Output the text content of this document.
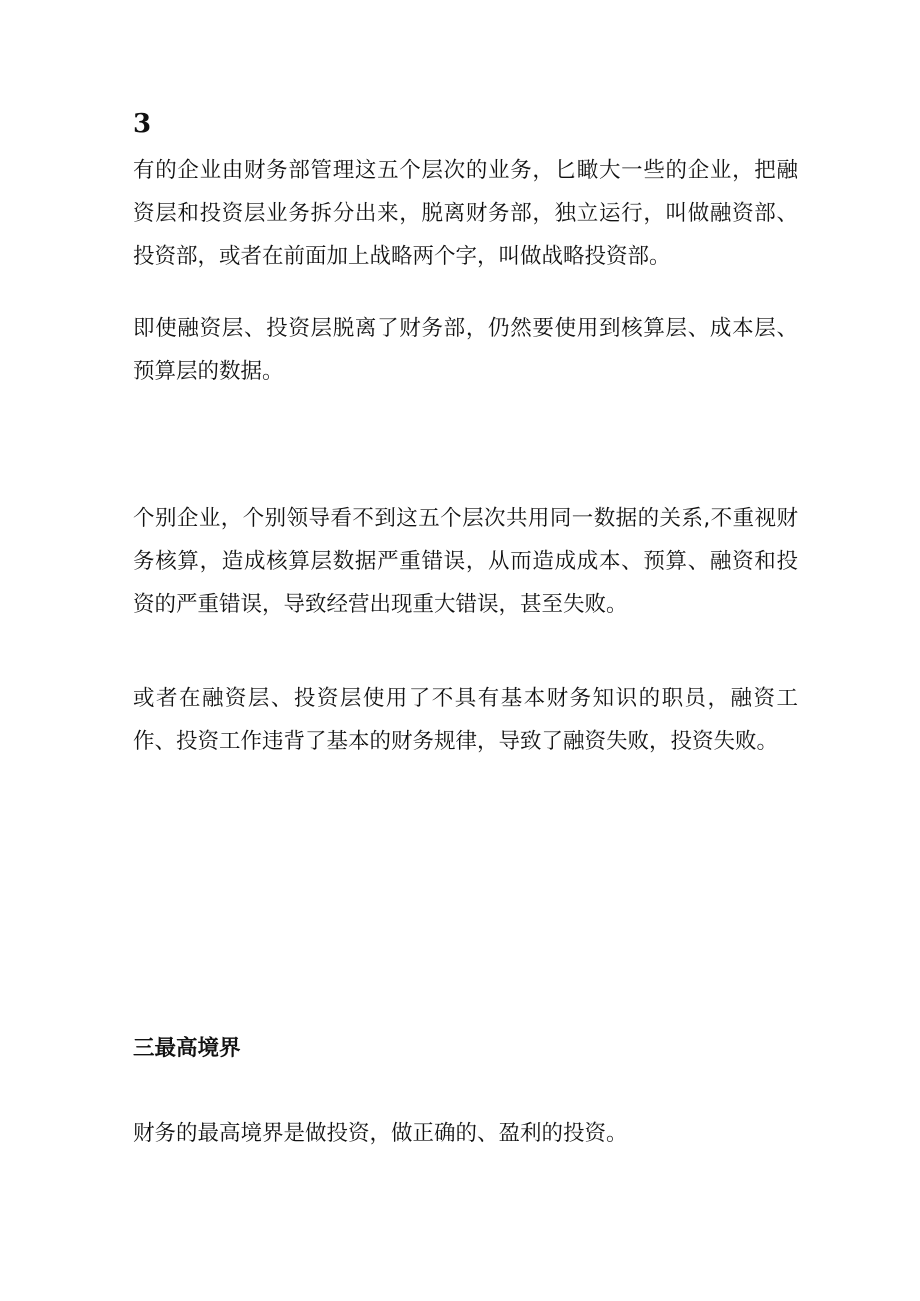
3

有的企业由财务部管理这五个层次的业务，匕瞰大一些的企业，把融资层和投资层业务拆分出来，脱离财务部，独立运行，叫做融资部、投资部，或者在前面加上战略两个字，叫做战略投资部。

即使融资层、投资层脱离了财务部，仍然要使用到核算层、成本层、预算层的数据。

个别企业，个别领导看不到这五个层次共用同一数据的关系,不重视财务核算，造成核算层数据严重错误，从而造成成本、预算、融资和投资的严重错误，导致经营出现重大错误，甚至失败。

或者在融资层、投资层使用了不具有基本财务知识的职员，融资工作、投资工作违背了基本的财务规律，导致了融资失败，投资失败。

三最高境界

财务的最高境界是做投资，做正确的、盈利的投资。
